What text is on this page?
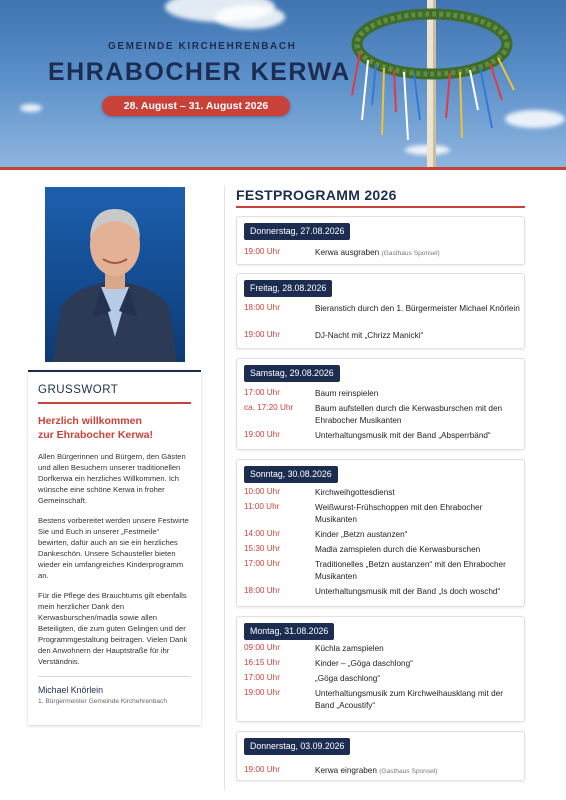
GEMEINDE KIRCHEHRENBACH
EHRABOCHER KERWA
28. August – 31. August 2026
GRUSSWORT
Herzlich willkommen
zur Ehrabocher Kerwa!
Allen Bürgerinnen und Bürgern, den Gästen und allen Besuchern unserer traditionellen Dorfkerwa ein herzliches Willkommen. Ich wünsche eine schöne Kerwa in froher Gemeinschaft.
Bestens vorbereitet werden unsere Festwirte Sie und Euch in unserer „Festmeile“ bewirten, dafür auch an sie ein herzliches Dankeschön. Unsere Schausteller bieten wieder ein umfangreiches Kinderprogramm an.
Für die Pflege des Brauchtums gilt ebenfalls mein herzlicher Dank den Kerwasburschen/madla sowie allen Beteiligten, die zum guten Gelingen und der Programmgestaltung beitragen. Vielen Dank den Anwohnern der Hauptstraße für ihr Verständnis.
Michael Knörlein
1. Bürgermeister Gemeinde Kirchehrenbach
FESTPROGRAMM 2026
Donnerstag, 27.08.2026
19:00 Uhr	Kerwa ausgraben (Gasthaus Sponsel)
Freitag, 28.08.2026
18:00 Uhr	Bieranstich durch den 1. Bürgermeister Michael Knörlein
19:00 Uhr	DJ-Nacht mit „Chrizz Manicki“
Samstag, 29.08.2026
17:00 Uhr	Baum reinspielen
ca. 17:20 Uhr	Baum aufstellen durch die Kerwasburschen mit den Ehrabocher Musikanten
19:00 Uhr	Unterhaltungsmusik mit der Band „Absperrbänd“
Sonntag, 30.08.2026
10:00 Uhr	Kirchweihgottesdienst
11:00 Uhr	Weißwurst-Frühschoppen mit den Ehrabocher Musikanten
14:00 Uhr	Kinder „Betzn austanzen“
15:30 Uhr	Madla zamspielen durch die Kerwasburschen
17:00 Uhr	Traditionelles „Betzn austanzen“ mit den Ehrabocher Musikanten
18:00 Uhr	Unterhaltungsmusik mit der Band „Is doch woschd“
Montag, 31.08.2026
09:00 Uhr	Küchla zamspielen
16:15 Uhr	Kinder – „Göga daschlong“
17:00 Uhr	„Göga daschlong“
19:00 Uhr	Unterhaltungsmusik zum Kirchweihausklang mit der Band „Acoustify“
Donnerstag, 03.09.2026
19:00 Uhr	Kerwa eingraben (Gasthaus Sponsel)
